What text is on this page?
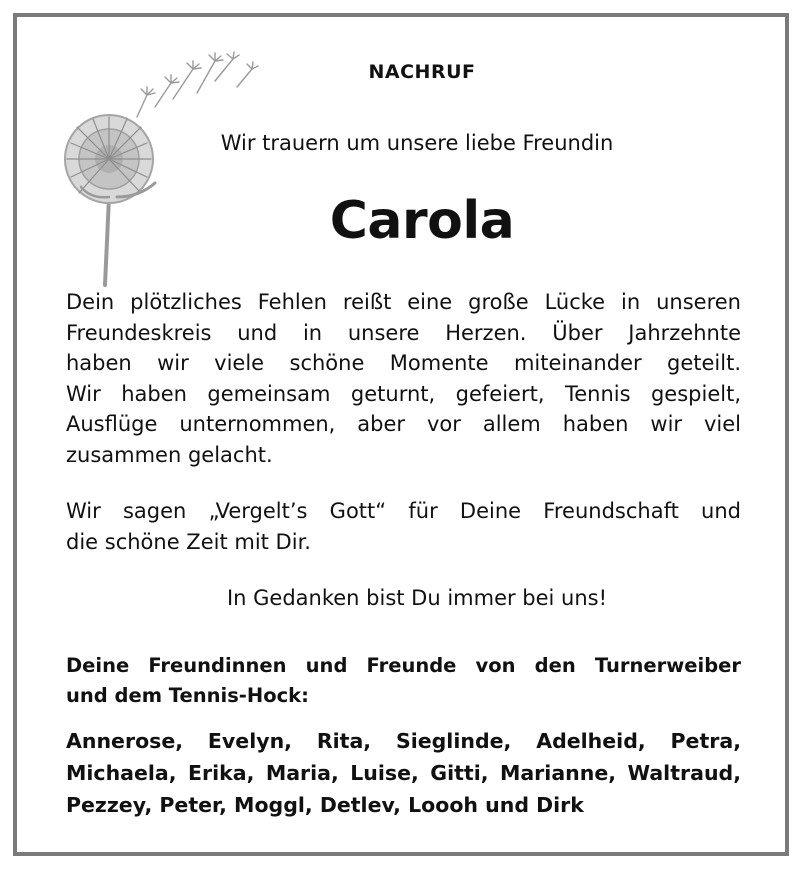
NACHRUF
Wir trauern um unsere liebe Freundin
Carola
Dein plötzliches Fehlen reißt eine große Lücke in unseren
Freundeskreis und in unsere Herzen. Über Jahrzehnte
haben wir viele schöne Momente miteinander geteilt.
Wir haben gemeinsam geturnt, gefeiert, Tennis gespielt,
Ausflüge unternommen, aber vor allem haben wir viel
zusammen gelacht.
Wir sagen „Vergelt’s Gott“ für Deine Freundschaft und
die schöne Zeit mit Dir.
In Gedanken bist Du immer bei uns!
Deine Freundinnen und Freunde von den Turnerweiber
und dem Tennis-Hock:
Annerose, Evelyn, Rita, Sieglinde, Adelheid, Petra,
Michaela, Erika, Maria, Luise, Gitti, Marianne, Waltraud,
Pezzey, Peter, Moggl, Detlev, Loooh und Dirk
